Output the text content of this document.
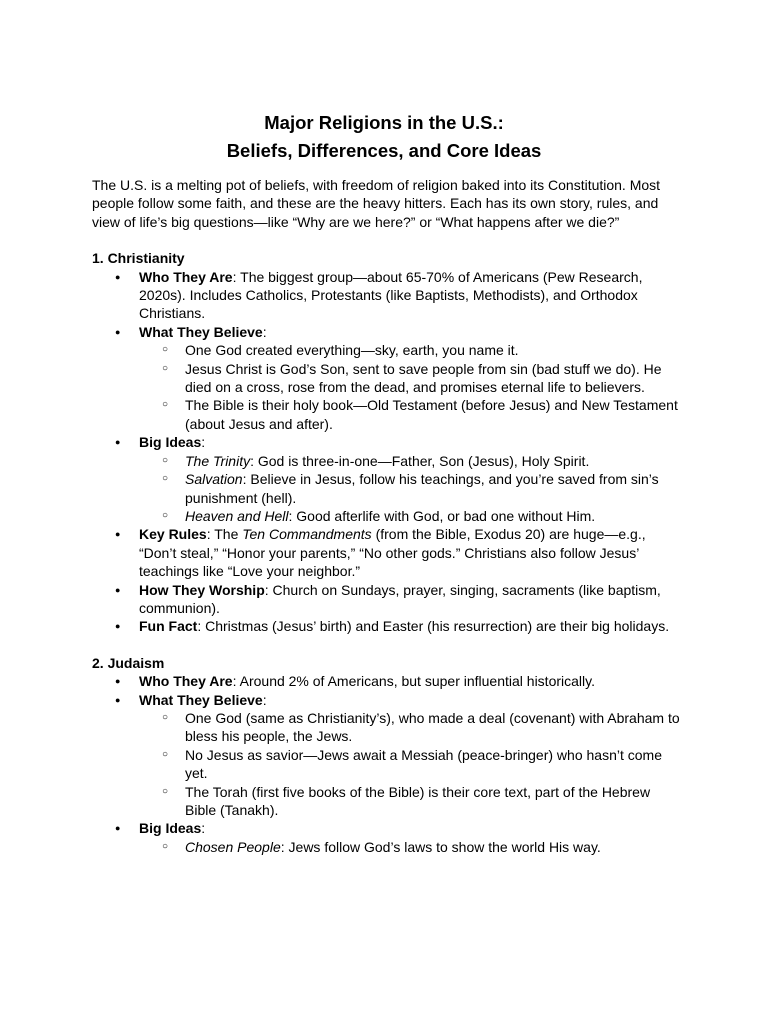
Major Religions in the U.S.:
Beliefs, Differences, and Core Ideas

The U.S. is a melting pot of beliefs, with freedom of religion baked into its Constitution. Most people follow some faith, and these are the heavy hitters. Each has its own story, rules, and view of life’s big questions—like “Why are we here?” or “What happens after we die?”

1. Christianity

● Who They Are: The biggest group—about 65-70% of Americans (Pew Research, 2020s). Includes Catholics, Protestants (like Baptists, Methodists), and Orthodox Christians.
● What They Believe:
○ One God created everything—sky, earth, you name it.
○ Jesus Christ is God’s Son, sent to save people from sin (bad stuff we do). He died on a cross, rose from the dead, and promises eternal life to believers.
○ The Bible is their holy book—Old Testament (before Jesus) and New Testament (about Jesus and after).
● Big Ideas:
○ The Trinity: God is three-in-one—Father, Son (Jesus), Holy Spirit.
○ Salvation: Believe in Jesus, follow his teachings, and you’re saved from sin’s punishment (hell).
○ Heaven and Hell: Good afterlife with God, or bad one without Him.
● Key Rules: The Ten Commandments (from the Bible, Exodus 20) are huge—e.g., “Don’t steal,” “Honor your parents,” “No other gods.” Christians also follow Jesus’ teachings like “Love your neighbor.”
● How They Worship: Church on Sundays, prayer, singing, sacraments (like baptism, communion).
● Fun Fact: Christmas (Jesus’ birth) and Easter (his resurrection) are their big holidays.

2. Judaism

● Who They Are: Around 2% of Americans, but super influential historically.
● What They Believe:
○ One God (same as Christianity’s), who made a deal (covenant) with Abraham to bless his people, the Jews.
○ No Jesus as savior—Jews await a Messiah (peace-bringer) who hasn’t come yet.
○ The Torah (first five books of the Bible) is their core text, part of the Hebrew Bible (Tanakh).
● Big Ideas:
○ Chosen People: Jews follow God’s laws to show the world His way.
